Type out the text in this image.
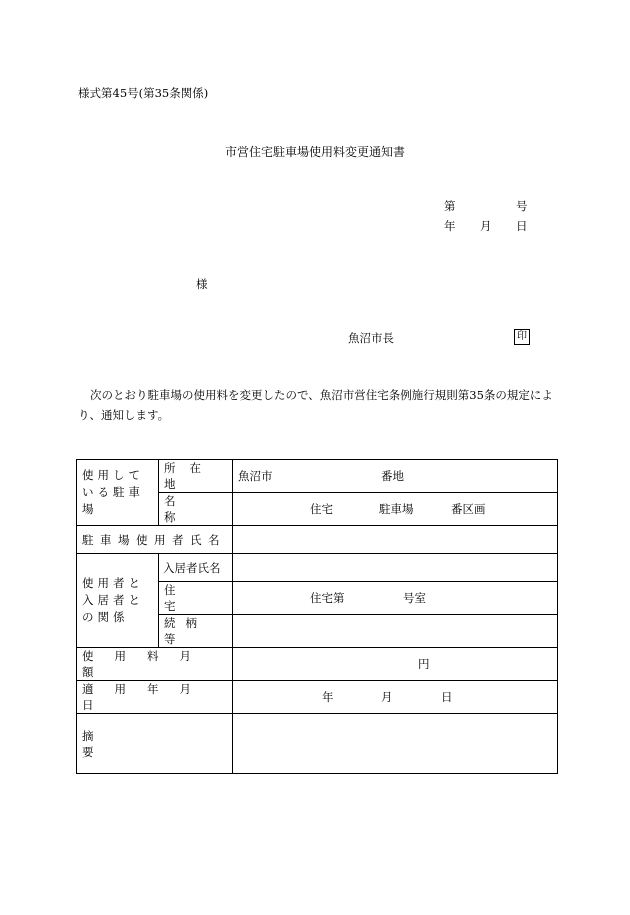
様式第45号(第35条関係)
市営住宅駐車場使用料変更通知書
第	号
年 月 日
様
魚沼市長	印
次のとおり駐車場の使用料を変更したので、魚沼市営住宅条例施行規則第35条の規定により、通知します。
使用している駐車場	所在地	魚沼市 番地

名称	住宅 駐車場 番区画

駐車場使用者氏名		

使用者と入居者との関係	入居者氏名	

住宅	住宅第 号室

続柄等	

使用料月額		円

適用年月日		年 月 日

摘要		
